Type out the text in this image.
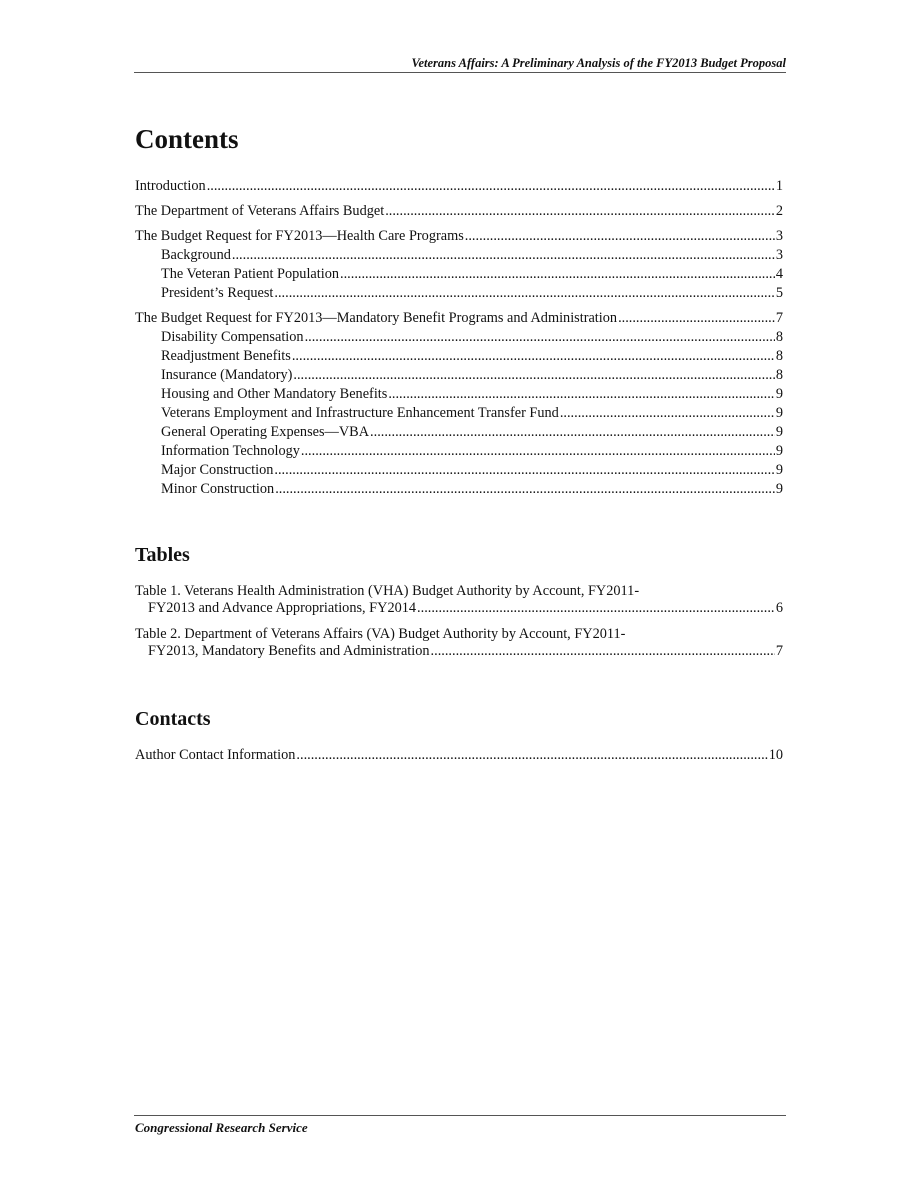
Veterans Affairs: A Preliminary Analysis of the FY2013 Budget Proposal
Contents
Introduction .....	1
The Department of Veterans Affairs Budget .....	2
The Budget Request for FY2013—Health Care Programs .....	3
Background .....	3
The Veteran Patient Population .....	4
President’s Request .....	5
The Budget Request for FY2013—Mandatory Benefit Programs and Administration .....	7
Disability Compensation .....	8
Readjustment Benefits .....	8
Insurance (Mandatory) .....	8
Housing and Other Mandatory Benefits .....	9
Veterans Employment and Infrastructure Enhancement Transfer Fund .....	9
General Operating Expenses—VBA .....	9
Information Technology .....	9
Major Construction .....	9
Minor Construction .....	9
Tables
Table 1. Veterans Health Administration (VHA) Budget Authority by Account, FY2011-
FY2013 and Advance Appropriations, FY2014 .....	6
Table 2. Department of Veterans Affairs (VA) Budget Authority by Account, FY2011-
FY2013, Mandatory Benefits and Administration .....	7
Contacts
Author Contact Information .....	10
Congressional Research Service
